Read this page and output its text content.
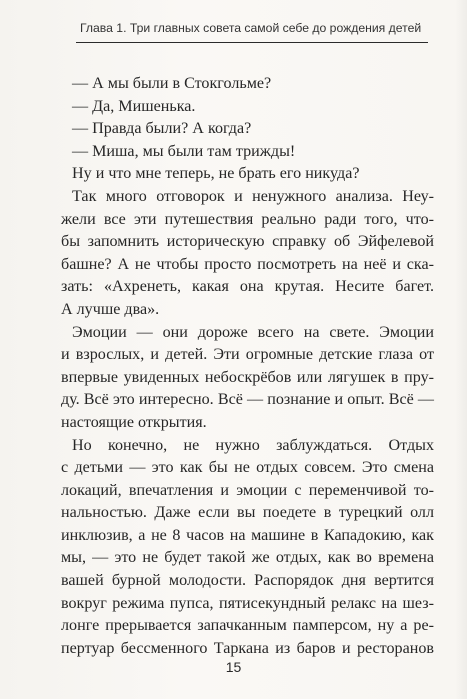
Глава 1. Три главных совета самой себе до рождения детей
— А мы были в Стокгольме?
— Да, Мишенька.
— Правда были? А когда?
— Миша, мы были там трижды!
Ну и что мне теперь, не брать его никуда?
Так много отговорок и ненужного анализа. Неу-
жели все эти путешествия реально ради того, что-
бы запомнить историческую справку об Эйфелевой
башне? А не чтобы просто посмотреть на неё и ска-
зать: «Ахренеть, какая она крутая. Несите багет.
А лучше два».
Эмоции — они дороже всего на свете. Эмоции
и взрослых, и детей. Эти огромные детские глаза от
впервые увиденных небоскрёбов или лягушек в пру-
ду. Всё это интересно. Всё — познание и опыт. Всё —
настоящие открытия.
Но конечно, не нужно заблуждаться. Отдых
с детьми — это как бы не отдых совсем. Это смена
локаций, впечатления и эмоции с переменчивой то-
нальностью. Даже если вы поедете в турецкий олл
инклюзив, а не 8 часов на машине в Кападокию, как
мы, — это не будет такой же отдых, как во времена
вашей бурной молодости. Распорядок дня вертится
вокруг режима пупса, пятисекундный релакс на шез-
лонге прерывается запачканным памперсом, ну а ре-
пертуар бессменного Таркана из баров и ресторанов
15
